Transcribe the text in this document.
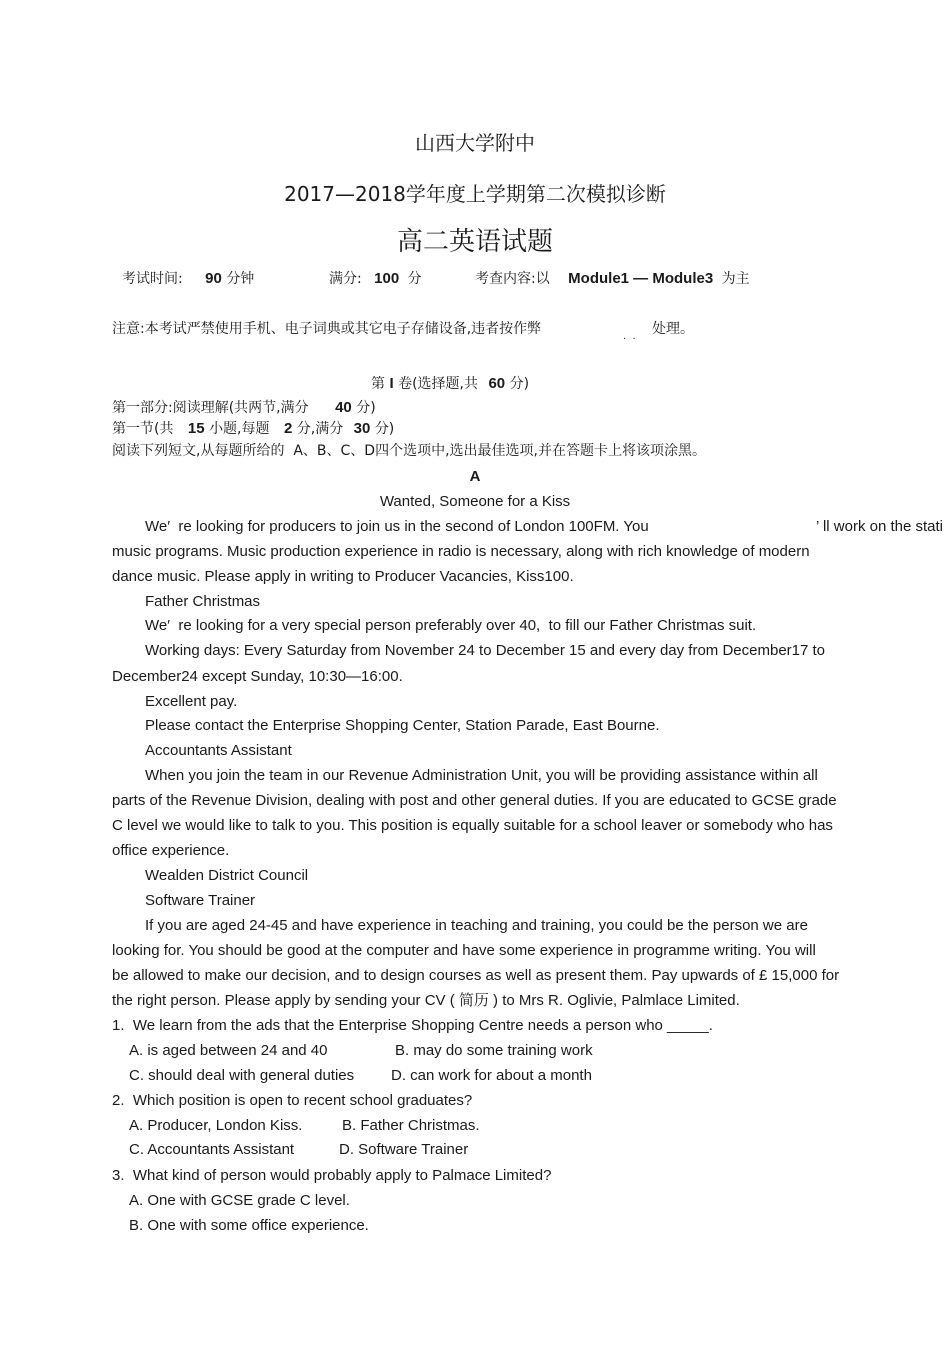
山西大学附中
2017—2018学年度上学期第二次模拟诊断
高二英语试题
考试时间: 90 分钟	满分: 100 分	考查内容:以 Module1 — Module3 为主
注意:本考试严禁使用手机、电子词典或其它电子存储设备,违者按作弊
·  ·
处理。
第 I 卷(选择题,共 60 分)
第一部分:阅读理解(共两节,满分 40 分)
第一节(共 15 小题,每题 2 分,满分 30 分)
阅读下列短文,从每题所给的  A、B、C、D四个选项中,选出最佳选项,并在答题卡上将该项涂黑。
A
Wanted, Someone for a Kiss
We′  re looking for producers to join us in the second of London 100FM. You
music programs. Music production experience in radio is necessary, along with rich knowledge of modern
dance music. Please apply in writing to Producer Vacancies, Kiss100.
Father Christmas
We′  re looking for a very special person preferably over 40,  to fill our Father Christmas suit.
Working days: Every Saturday from November 24 to December 15 and every day from December17 to
December24 except Sunday, 10:30—16:00.
Excellent pay.
Please contact the Enterprise Shopping Center, Station Parade, East Bourne.
Accountants Assistant
When you join the team in our Revenue Administration Unit, you will be providing assistance within all
parts of the Revenue Division, dealing with post and other general duties. If you are educated to GCSE grade
C level we would like to talk to you. This position is equally suitable for a school leaver or somebody who has
office experience.
Wealden District Council
Software Trainer
If you are aged 24-45 and have experience in teaching and training, you could be the person we are
looking for. You should be good at the computer and have some experience in programme writing. You will
be allowed to make our decision, and to design courses as well as present them. Pay upwards of £ 15,000 for
the right person. Please apply by sending your CV ( 简历 ) to Mrs R. Oglivie, Palmlace Limited.
’ ll work on the stati
1.  We learn from the ads that the Enterprise Shopping Centre needs a person who _____.
A. is aged between 24 and 40	B. may do some training work
C. should deal with general duties D. can work for about a month
2.  Which position is open to recent school graduates?
A. Producer, London Kiss.	B. Father Christmas.
C. Accountants Assistant	D. Software Trainer
3.  What kind of person would probably apply to Palmace Limited?
A. One with GCSE grade C level.
B. One with some office experience.
